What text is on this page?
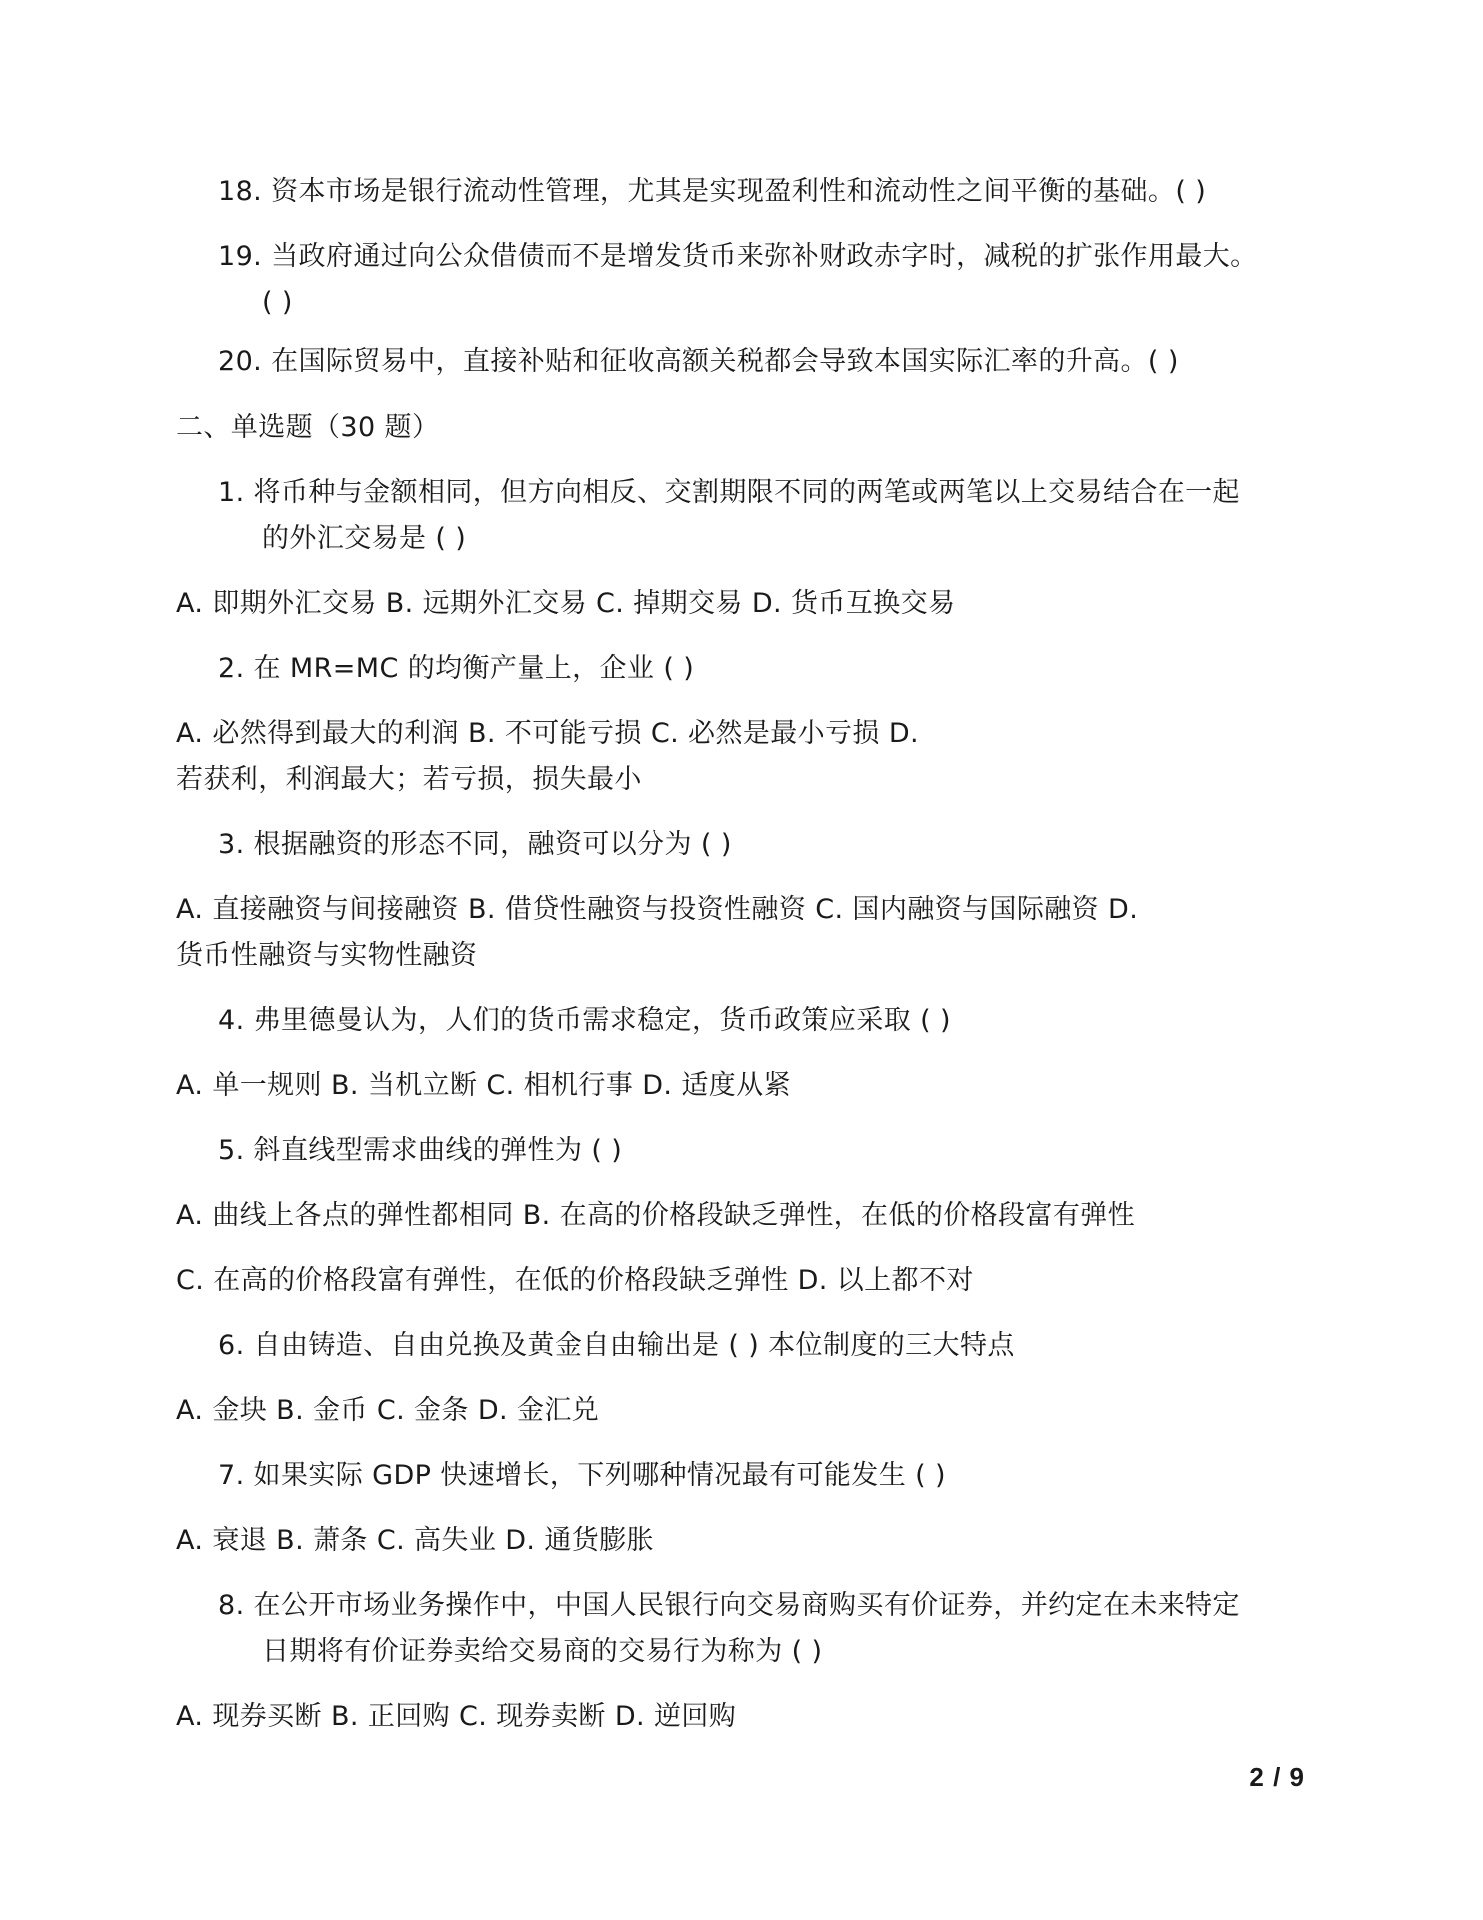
18. 资本市场是银行流动性管理，尤其是实现盈利性和流动性之间平衡的基础。( )
19. 当政府通过向公众借债而不是增发货币来弥补财政赤字时，减税的扩张作用最大。
( )
20. 在国际贸易中，直接补贴和征收高额关税都会导致本国实际汇率的升高。( )
二、单选题（30 题）
1. 将币种与金额相同，但方向相反、交割期限不同的两笔或两笔以上交易结合在一起
的外汇交易是 ( )
A. 即期外汇交易 B. 远期外汇交易 C. 掉期交易 D. 货币互换交易
2. 在 MR=MC 的均衡产量上，企业 ( )
A. 必然得到最大的利润 B. 不可能亏损 C. 必然是最小亏损 D.
若获利，利润最大；若亏损，损失最小
3. 根据融资的形态不同，融资可以分为 ( )
A. 直接融资与间接融资 B. 借贷性融资与投资性融资 C. 国内融资与国际融资 D.
货币性融资与实物性融资
4. 弗里德曼认为，人们的货币需求稳定，货币政策应采取 ( )
A. 单一规则 B. 当机立断 C. 相机行事 D. 适度从紧
5. 斜直线型需求曲线的弹性为 ( )
A. 曲线上各点的弹性都相同 B. 在高的价格段缺乏弹性，在低的价格段富有弹性
C. 在高的价格段富有弹性，在低的价格段缺乏弹性 D. 以上都不对
6. 自由铸造、自由兑换及黄金自由输出是 ( ) 本位制度的三大特点
A. 金块 B. 金币 C. 金条 D. 金汇兑
7. 如果实际 GDP 快速增长，下列哪种情况最有可能发生 ( )
A. 衰退 B. 萧条 C. 高失业 D. 通货膨胀
8. 在公开市场业务操作中，中国人民银行向交易商购买有价证券，并约定在未来特定
日期将有价证券卖给交易商的交易行为称为 ( )
A. 现券买断 B. 正回购 C. 现券卖断 D. 逆回购
2 / 9
